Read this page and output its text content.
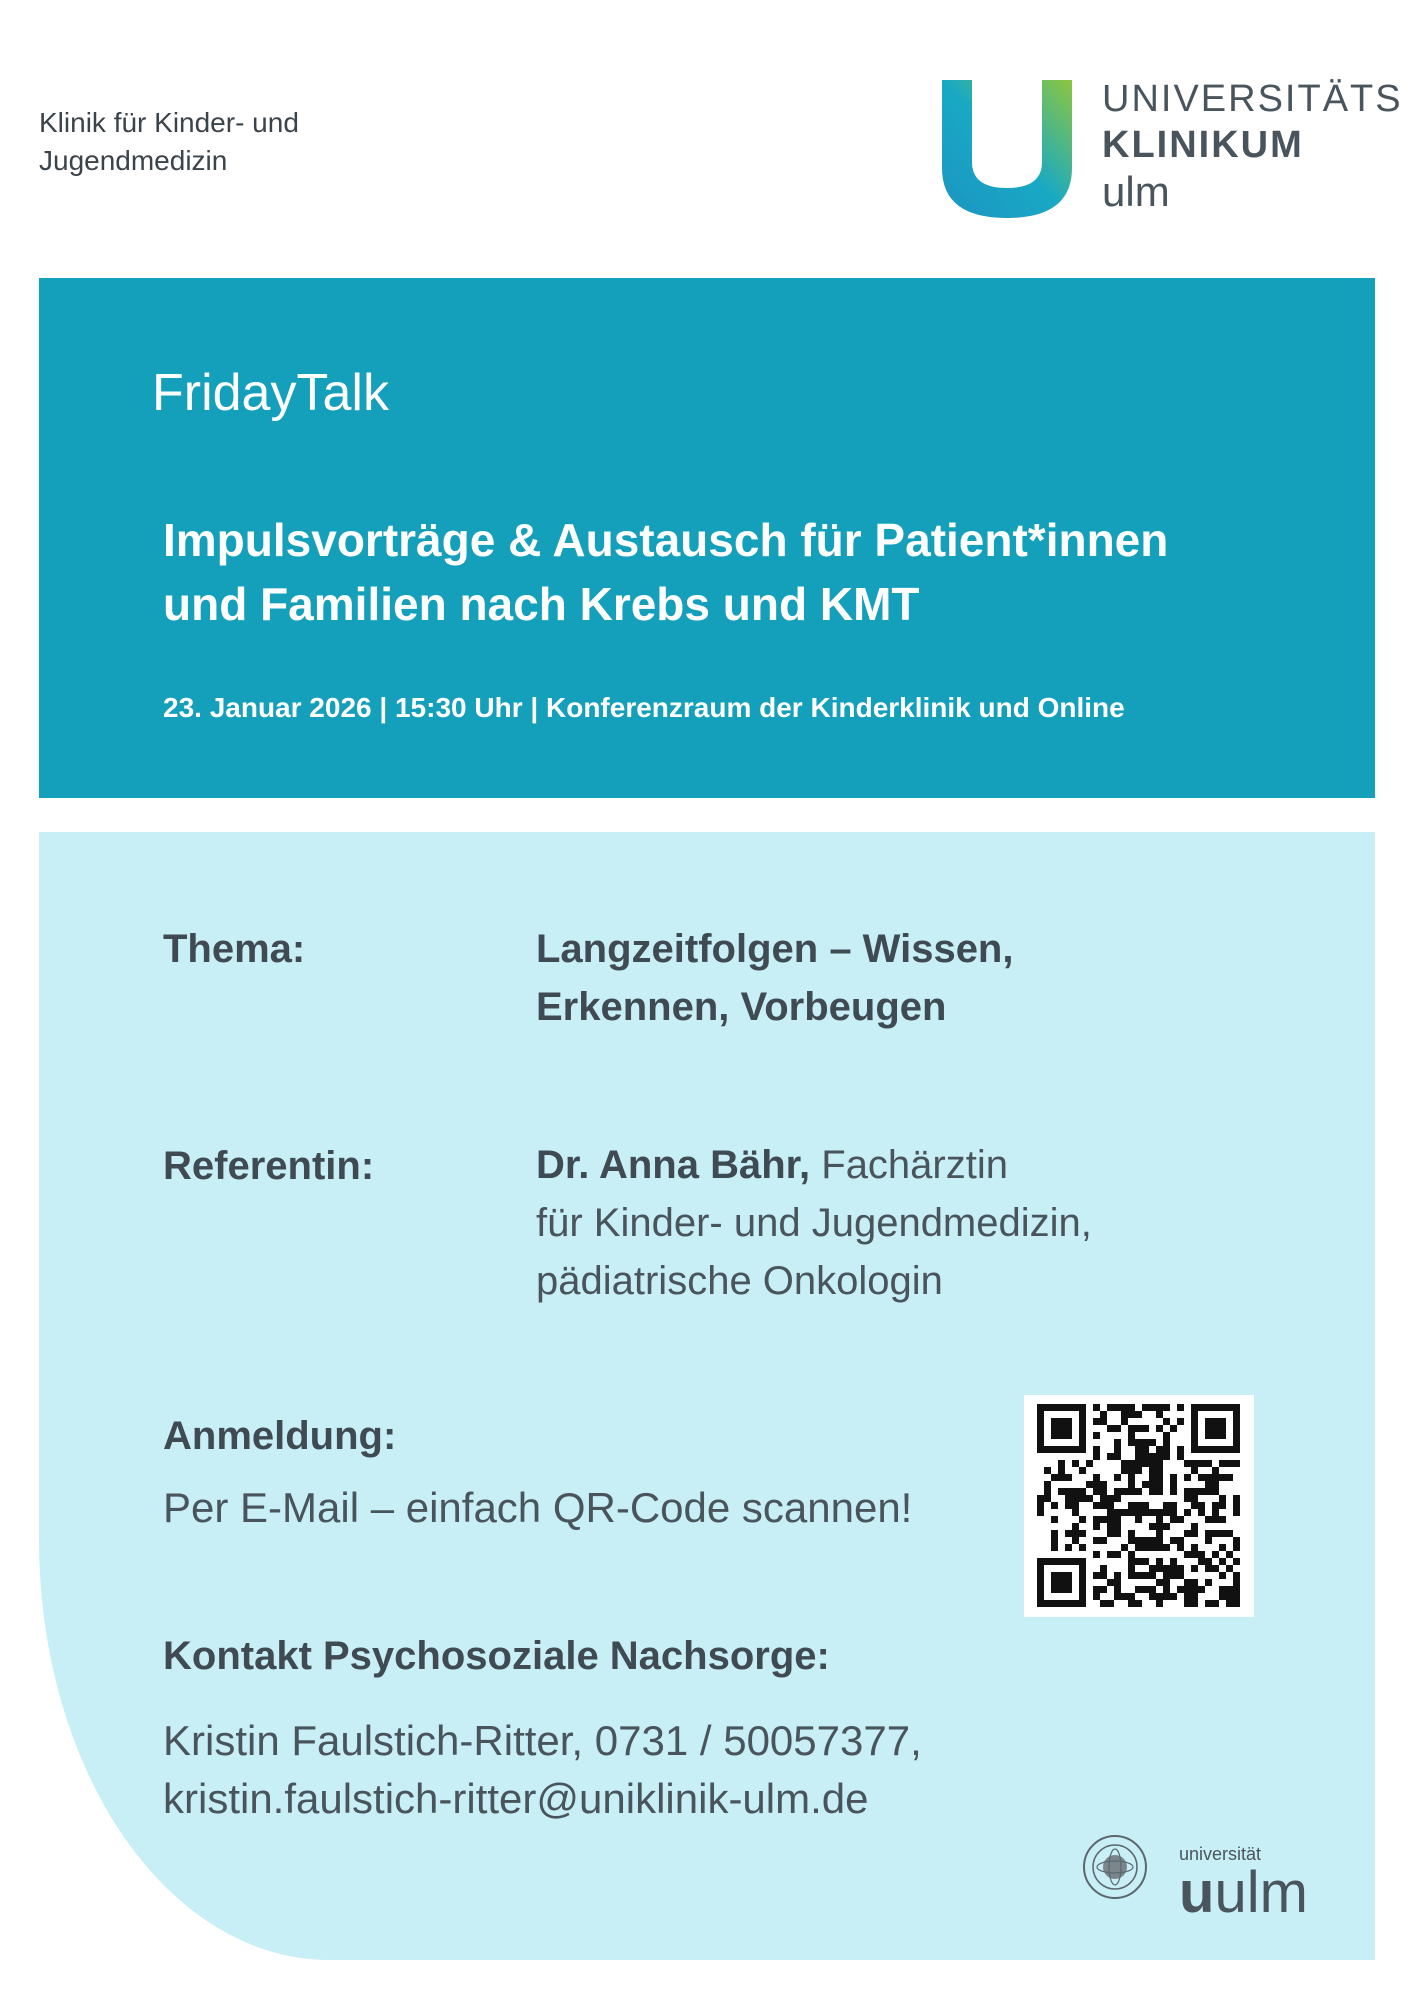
Klinik für Kinder- und
Jugendmedizin
UNIVERSITÄTS
KLINIKUM
ulm
FridayTalk
Impulsvorträge & Austausch für Patient*innen
und Familien nach Krebs und KMT
23. Januar 2026 | 15:30 Uhr | Konferenzraum der Kinderklinik und Online
Thema:	Langzeitfolgen – Wissen,
Erkennen, Vorbeugen
Referentin:	Dr. Anna Bähr, Fachärztin
für Kinder- und Jugendmedizin,
pädiatrische Onkologin
Anmeldung:
Per E-Mail – einfach QR-Code scannen!
Kontakt Psychosoziale Nachsorge:
Kristin Faulstich-Ritter, 0731 / 50057377,
kristin.faulstich-ritter@uniklinik-ulm.de
universität
uulm
